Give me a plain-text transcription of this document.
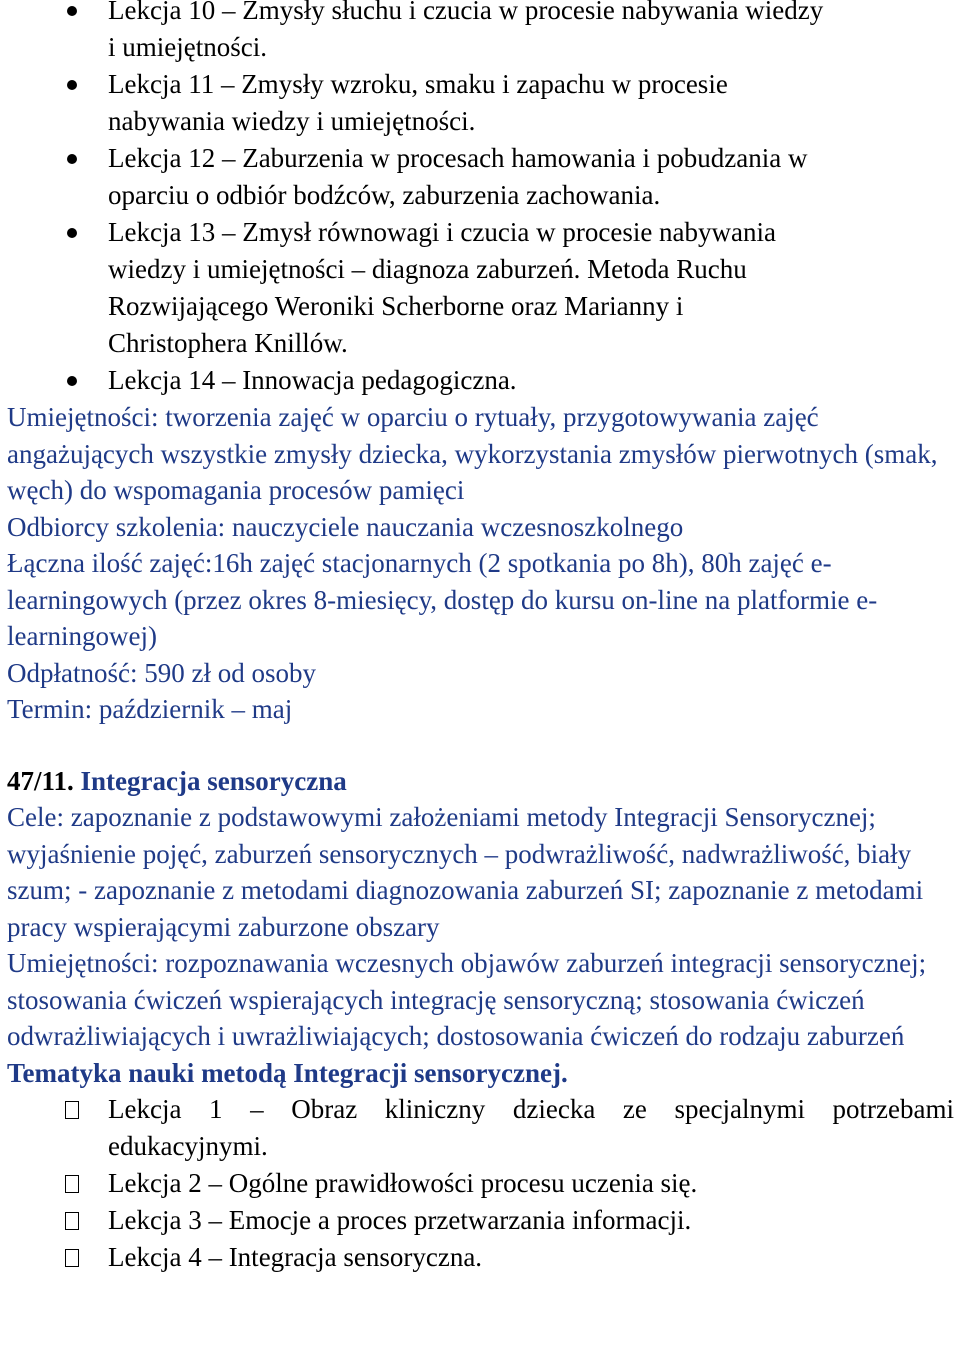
Lekcja 10 – Zmysły słuchu i czucia w procesie nabywania wiedzy
i umiejętności.
Lekcja 11 – Zmysły wzroku, smaku i zapachu w procesie
nabywania wiedzy i umiejętności.
Lekcja 12 – Zaburzenia w procesach hamowania i pobudzania w
oparciu o odbiór bodźców, zaburzenia zachowania.
Lekcja 13 – Zmysł równowagi i czucia w procesie nabywania
wiedzy i umiejętności – diagnoza zaburzeń. Metoda Ruchu
Rozwijającego Weroniki Scherborne oraz Marianny i
Christophera Knillów.
Lekcja 14 – Innowacja pedagogiczna.

Umiejętności: tworzenia zajęć w oparciu o rytuały, przygotowywania zajęć angażujących wszystkie zmysły dziecka, wykorzystania zmysłów pierwotnych (smak, węch) do wspomagania procesów pamięci

Odbiorcy szkolenia: nauczyciele nauczania wczesnoszkolnego

Łączna ilość zajęć:16h zajęć stacjonarnych (2 spotkania po 8h), 80h zajęć e-learningowych (przez okres 8-miesięcy, dostęp do kursu on-line na platformie e-learningowej)

Odpłatność: 590 zł od osoby

Termin: październik – maj

47/11. Integracja sensoryczna

Cele: zapoznanie z podstawowymi założeniami metody Integracji Sensorycznej; wyjaśnienie pojęć, zaburzeń sensorycznych – podwrażliwość, nadwrażliwość, biały szum; - zapoznanie z metodami diagnozowania zaburzeń SI; zapoznanie z metodami pracy wspierającymi zaburzone obszary

Umiejętności: rozpoznawania wczesnych objawów zaburzeń integracji sensorycznej; stosowania ćwiczeń wspierających integrację sensoryczną; stosowania ćwiczeń odwrażliwiających i uwrażliwiających; dostosowania ćwiczeń do rodzaju zaburzeń

Tematyka nauki metodą Integracji sensorycznej.

Lekcja 1 – Obraz kliniczny dziecka ze specjalnymi potrzebami
edukacyjnymi.
Lekcja 2 – Ogólne prawidłowości procesu uczenia się.
Lekcja 3 – Emocje a proces przetwarzania informacji.
Lekcja 4 – Integracja sensoryczna.
